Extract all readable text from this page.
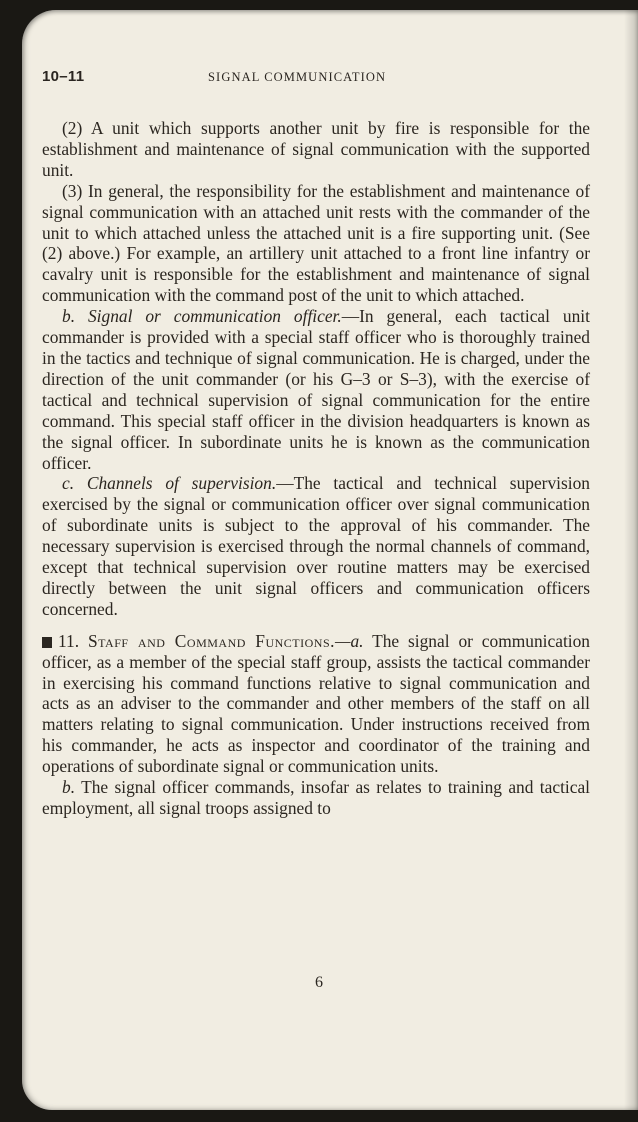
10–11	SIGNAL COMMUNICATION

(2) A unit which supports another unit by fire is responsible for the establishment and maintenance of signal communication with the supported unit.

(3) In general, the responsibility for the establishment and maintenance of signal communication with an attached unit rests with the commander of the unit to which attached unless the attached unit is a fire supporting unit. (See (2) above.) For example, an artillery unit attached to a front line infantry or cavalry unit is responsible for the establishment and maintenance of signal communication with the command post of the unit to which attached.

b. Signal or communication officer.—In general, each tactical unit commander is provided with a special staff officer who is thoroughly trained in the tactics and technique of signal communication. He is charged, under the direction of the unit commander (or his G–3 or S–3), with the exercise of tactical and technical supervision of signal communication for the entire command. This special staff officer in the division headquarters is known as the signal officer. In subordinate units he is known as the communication officer.

c. Channels of supervision.—The tactical and technical supervision exercised by the signal or communication officer over signal communication of subordinate units is subject to the approval of his commander. The necessary supervision is exercised through the normal channels of command, except that technical supervision over routine matters may be exercised directly between the unit signal officers and communication officers concerned.

11. Staff and Command Functions.—a. The signal or communication officer, as a member of the special staff group, assists the tactical commander in exercising his command functions relative to signal communication and acts as an adviser to the commander and other members of the staff on all matters relating to signal communication. Under instructions received from his commander, he acts as inspector and coordinator of the training and operations of subordinate signal or communication units.

b. The signal officer commands, insofar as relates to training and tactical employment, all signal troops assigned to

6
